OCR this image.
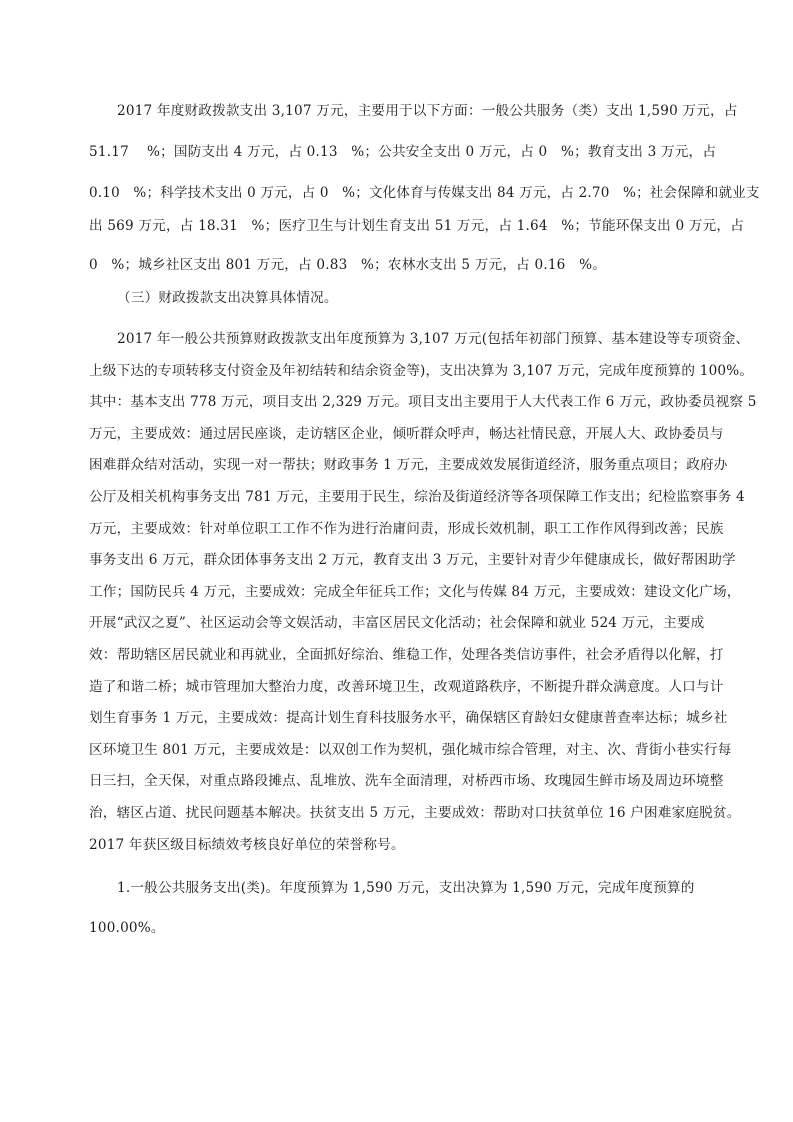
2017 年度财政拨款支出 3,107 万元，主要用于以下方面：一般公共服务（类）支出 1,590 万元，占

51.17    %；国防支出 4 万元，占 0.13   %；公共安全支出 0 万元，占 0   %；教育支出 3 万元，占

0.10   %；科学技术支出 0 万元，占 0   %；文化体育与传媒支出 84 万元，占 2.70   %；社会保障和就业支

出 569 万元，占 18.31   %；医疗卫生与计划生育支出 51 万元，占 1.64   %；节能环保支出 0 万元，占

0   %；城乡社区支出 801 万元，占 0.83   %；农林水支出 5 万元，占 0.16   %。

（三）财政拨款支出决算具体情况。

2017 年一般公共预算财政拨款支出年度预算为 3,107 万元(包括年初部门预算、基本建设等专项资金、

上级下达的专项转移支付资金及年初结转和结余资金等)，支出决算为 3,107 万元，完成年度预算的 100%。

其中：基本支出 778 万元，项目支出 2,329 万元。项目支出主要用于人大代表工作 6 万元，政协委员视察 5

万元，主要成效：通过居民座谈，走访辖区企业，倾听群众呼声，畅达社情民意，开展人大、政协委员与

困难群众结对活动，实现一对一帮扶；财政事务 1 万元，主要成效发展街道经济，服务重点项目；政府办

公厅及相关机构事务支出 781 万元，主要用于民生，综治及街道经济等各项保障工作支出；纪检监察事务 4

万元，主要成效：针对单位职工工作不作为进行治庸问责，形成长效机制，职工工作作风得到改善；民族

事务支出 6 万元，群众团体事务支出 2 万元，教育支出 3 万元，主要针对青少年健康成长，做好帮困助学

工作；国防民兵 4 万元，主要成效：完成全年征兵工作；文化与传媒 84 万元，主要成效：建设文化广场，

开展“武汉之夏”、社区运动会等文娱活动，丰富区居民文化活动；社会保障和就业 524 万元，主要成

效：帮助辖区居民就业和再就业，全面抓好综治、维稳工作，处理各类信访事件，社会矛盾得以化解，打

造了和谐二桥；城市管理加大整治力度，改善环境卫生，改观道路秩序，不断提升群众满意度。人口与计

划生育事务 1 万元，主要成效：提高计划生育科技服务水平，确保辖区育龄妇女健康普查率达标；城乡社

区环境卫生 801 万元，主要成效是：以双创工作为契机，强化城市综合管理，对主、次、背街小巷实行每

日三扫，全天保，对重点路段摊点、乱堆放、洗车全面清理，对桥西市场、玫瑰园生鲜市场及周边环境整

治，辖区占道、扰民问题基本解决。扶贫支出 5 万元，主要成效：帮助对口扶贫单位 16 户困难家庭脱贫。

2017 年获区级目标绩效考核良好单位的荣誉称号。

1.一般公共服务支出(类)。年度预算为 1,590 万元，支出决算为 1,590 万元，完成年度预算的

100.00%。
